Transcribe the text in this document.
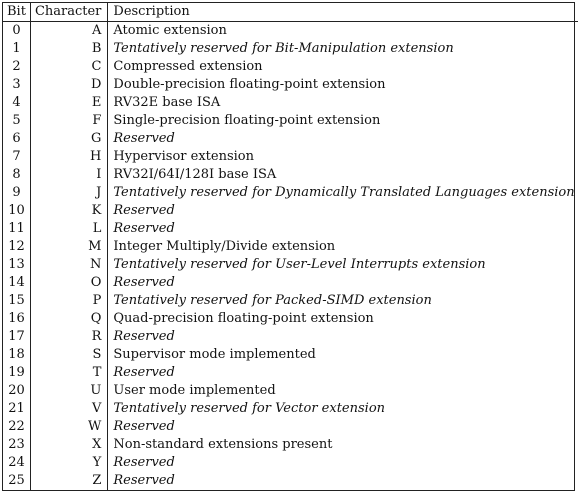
Bit	Character	Description
0	A	Atomic extension
1	B	Tentatively reserved for Bit-Manipulation extension
2	C	Compressed extension
3	D	Double-precision floating-point extension
4	E	RV32E base ISA
5	F	Single-precision floating-point extension
6	G	Reserved
7	H	Hypervisor extension
8	I	RV32I/64I/128I base ISA
9	J	Tentatively reserved for Dynamically Translated Languages extension
10	K	Reserved
11	L	Reserved
12	M	Integer Multiply/Divide extension
13	N	Tentatively reserved for User-Level Interrupts extension
14	O	Reserved
15	P	Tentatively reserved for Packed-SIMD extension
16	Q	Quad-precision floating-point extension
17	R	Reserved
18	S	Supervisor mode implemented
19	T	Reserved
20	U	User mode implemented
21	V	Tentatively reserved for Vector extension
22	W	Reserved
23	X	Non-standard extensions present
24	Y	Reserved
25	Z	Reserved
